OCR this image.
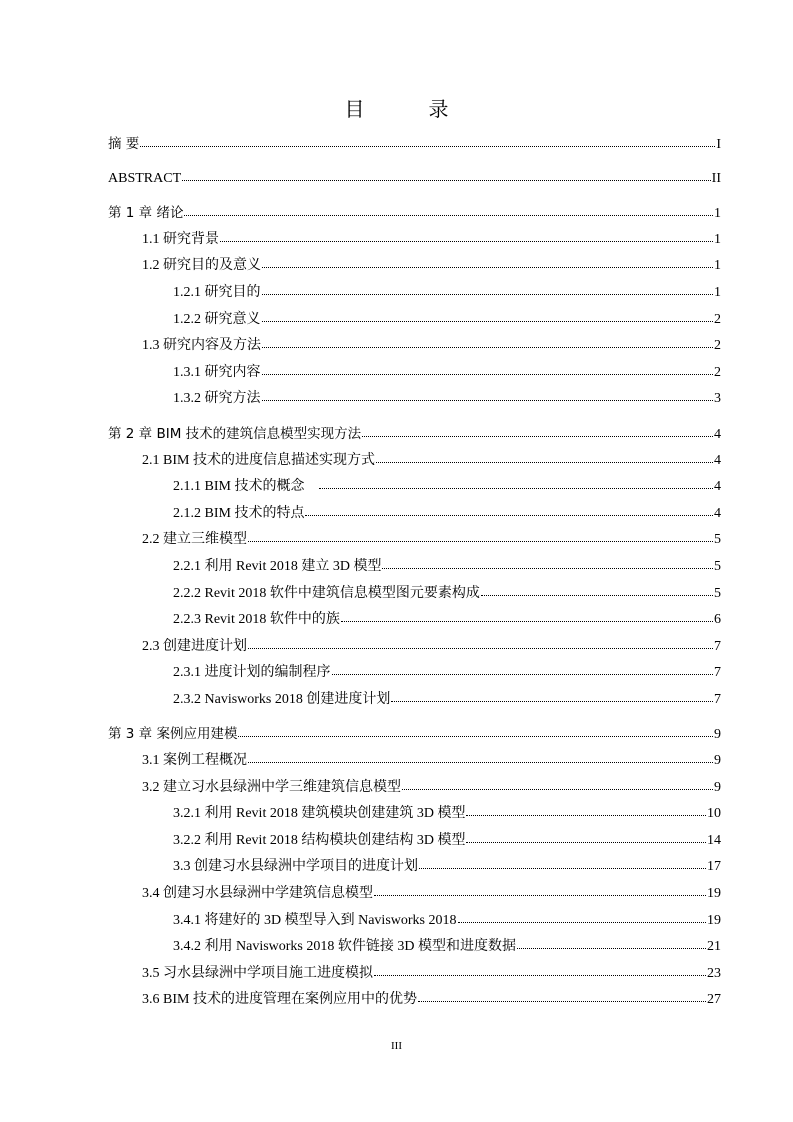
目　录
摘 要	I
ABSTRACT	II
第 1 章 绪论	1
1.1 研究背景	1
1.2 研究目的及意义	1
1.2.1 研究目的	1
1.2.2 研究意义	2
1.3 研究内容及方法	2
1.3.1 研究内容	2
1.3.2 研究方法	3
第 2 章 BIM 技术的建筑信息模型实现方法	4
2.1 BIM 技术的进度信息描述实现方式	4
2.1.1 BIM 技术的概念　	4
2.1.2 BIM 技术的特点	4
2.2 建立三维模型	5
2.2.1 利用 Revit 2018 建立 3D 模型	5
2.2.2 Revit 2018 软件中建筑信息模型图元要素构成	5
2.2.3 Revit 2018 软件中的族	6
2.3 创建进度计划	7
2.3.1 进度计划的编制程序	7
2.3.2 Navisworks 2018 创建进度计划	7
第 3 章 案例应用建模	9
3.1 案例工程概况	9
3.2 建立习水县绿洲中学三维建筑信息模型	9
3.2.1 利用 Revit 2018 建筑模块创建建筑 3D 模型	10
3.2.2 利用 Revit 2018 结构模块创建结构 3D 模型	14
3.3 创建习水县绿洲中学项目的进度计划	17
3.4 创建习水县绿洲中学建筑信息模型	19
3.4.1 将建好的 3D 模型导入到 Navisworks 2018	19
3.4.2 利用 Navisworks 2018 软件链接 3D 模型和进度数据	21
3.5 习水县绿洲中学项目施工进度模拟	23
3.6 BIM 技术的进度管理在案例应用中的优势	27
III
